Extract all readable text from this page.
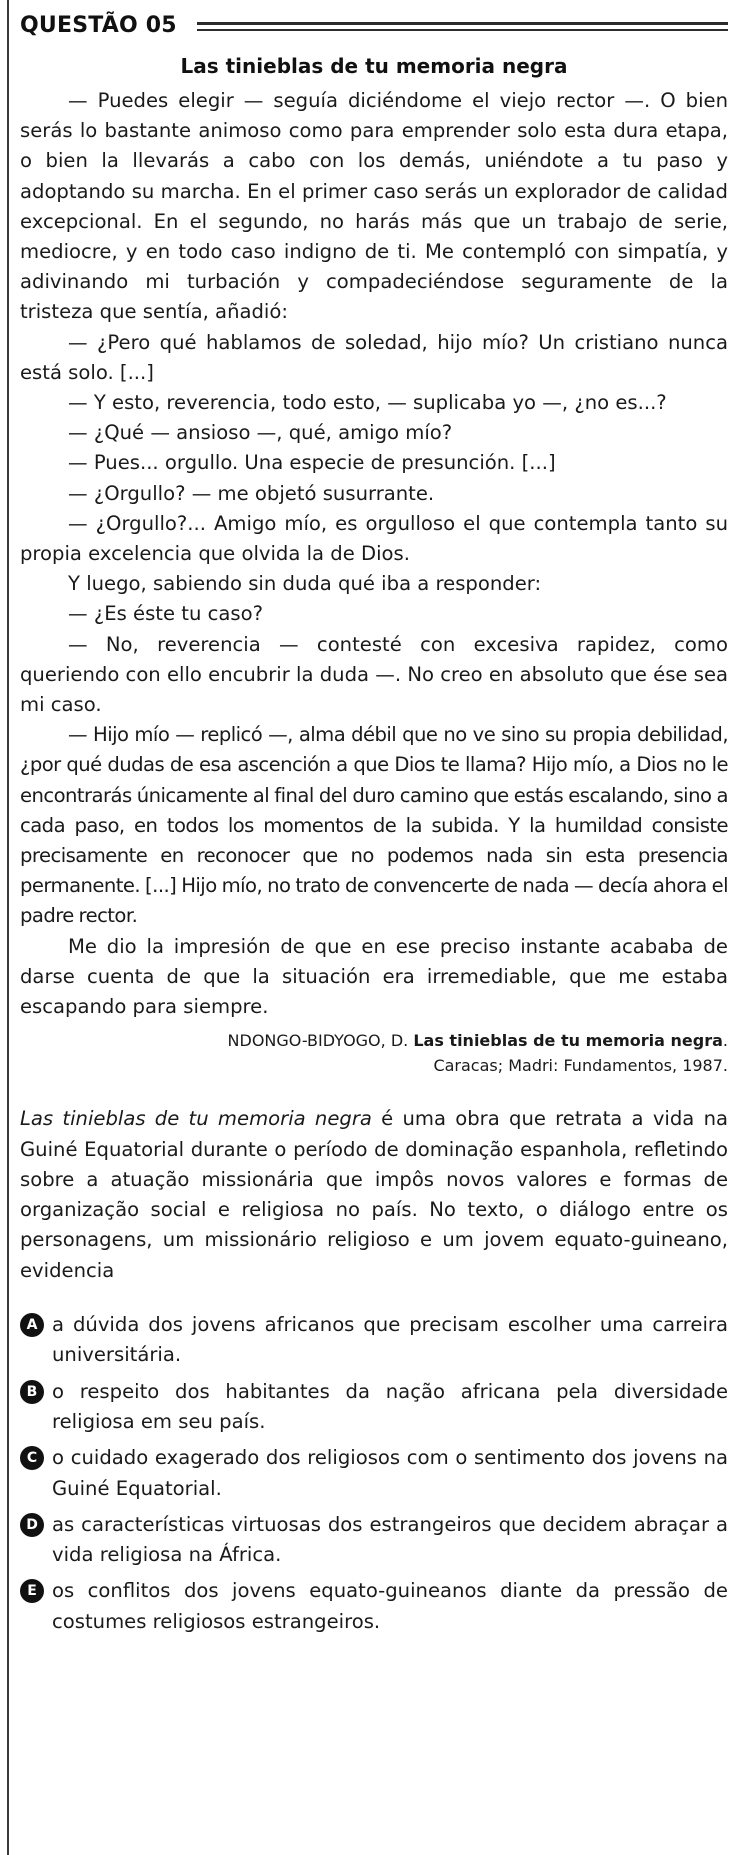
QUESTÃO 05
Las tinieblas de tu memoria negra

— Puedes elegir — seguía diciéndome el viejo rector —. O bien serás lo bastante animoso como para emprender solo esta dura etapa, o bien la llevarás a cabo con los demás, uniéndote a tu paso y adoptando su marcha. En el primer caso serás un explorador de calidad excepcional. En el segundo, no harás más que un trabajo de serie, mediocre, y en todo caso indigno de ti. Me contempló con simpatía, y adivinando mi turbación y compadeciéndose seguramente de la tristeza que sentía, añadió:

— ¿Pero qué hablamos de soledad, hijo mío? Un cristiano nunca está solo. [...]

— Y esto, reverencia, todo esto, — suplicaba yo —, ¿no es...?

— ¿Qué — ansioso —, qué, amigo mío?

— Pues... orgullo. Una especie de presunción. [...]

— ¿Orgullo? — me objetó susurrante.

— ¿Orgullo?... Amigo mío, es orgulloso el que contempla tanto su propia excelencia que olvida la de Dios.

Y luego, sabiendo sin duda qué iba a responder:

— ¿Es éste tu caso?

— No, reverencia — contesté con excesiva rapidez, como queriendo con ello encubrir la duda —. No creo en absoluto que ése sea mi caso.

— Hijo mío — replicó —, alma débil que no ve sino su propia debilidad, ¿por qué dudas de esa ascención a que Dios te llama? Hijo mío, a Dios no le encontrarás únicamente al final del duro camino que estás escalando, sino a cada paso, en todos los momentos de la subida. Y la humildad consiste precisamente en reconocer que no podemos nada sin esta presencia permanente. [...] Hijo mío, no trato de convencerte de nada — decía ahora el padre rector.

Me dio la impresión de que en ese preciso instante acababa de darse cuenta de que la situación era irremediable, que me estaba escapando para siempre.

NDONGO-BIDYOGO, D. Las tinieblas de tu memoria negra.
Caracas; Madri: Fundamentos, 1987.
Las tinieblas de tu memoria negra é uma obra que retrata a vida na Guiné Equatorial durante o período de dominação espanhola, refletindo sobre a atuação missionária que impôs novos valores e formas de organização social e religiosa no país. No texto, o diálogo entre os personagens, um missionário religioso e um jovem equato-guineano, evidencia
A a dúvida dos jovens africanos que precisam escolher uma carreira universitária.
B o respeito dos habitantes da nação africana pela diversidade religiosa em seu país.
C o cuidado exagerado dos religiosos com o sentimento dos jovens na Guiné Equatorial.
D as características virtuosas dos estrangeiros que decidem abraçar a vida religiosa na África.
E os conflitos dos jovens equato-guineanos diante da pressão de costumes religiosos estrangeiros.
